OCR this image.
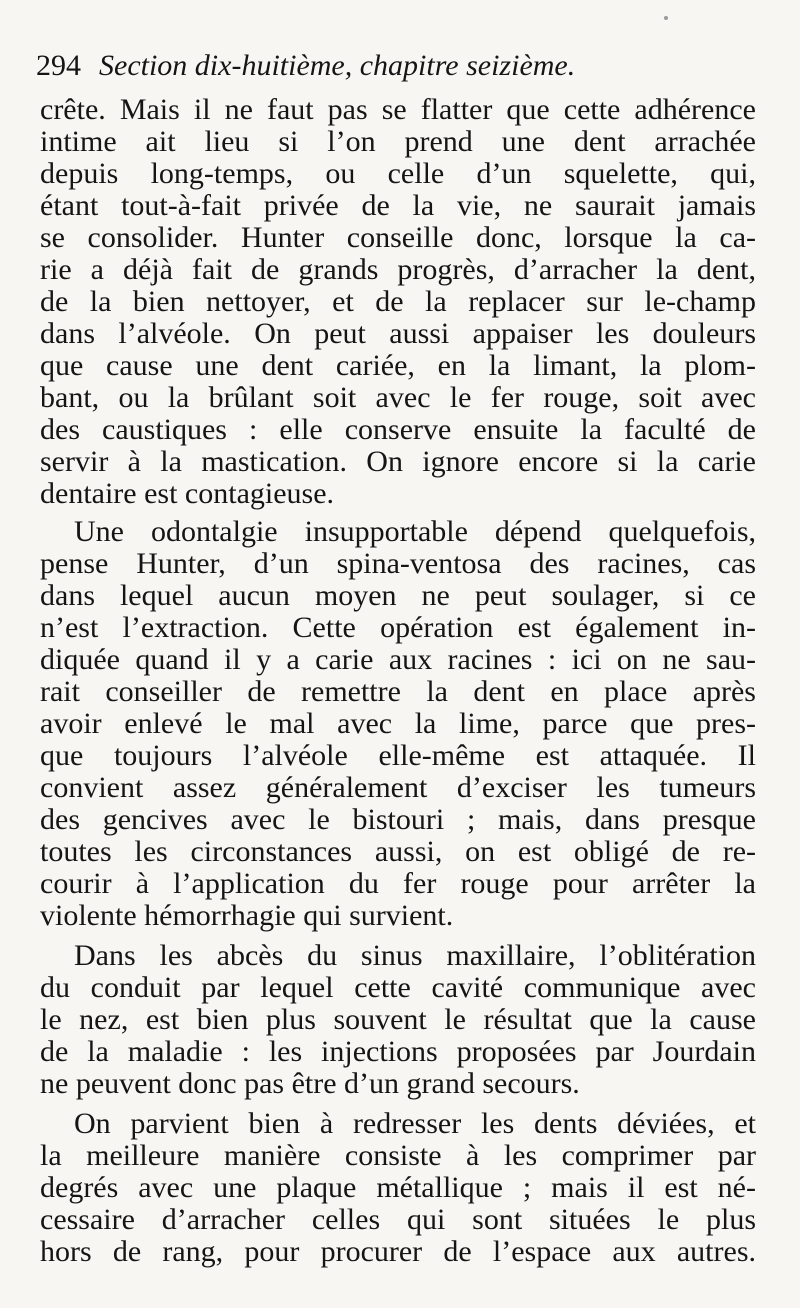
294 Section dix-huitième, chapitre seizième.
crête. Mais il ne faut pas se flatter que cette adhérence
intime ait lieu si l’on prend une dent arrachée
depuis long-temps, ou celle d’un squelette, qui,
étant tout-à-fait privée de la vie, ne saurait jamais
se consolider. Hunter conseille donc, lorsque la ca-
rie a déjà fait de grands progrès, d’arracher la dent,
de la bien nettoyer, et de la replacer sur le-champ
dans l’alvéole. On peut aussi appaiser les douleurs
que cause une dent cariée, en la limant, la plom-
bant, ou la brûlant soit avec le fer rouge, soit avec
des caustiques : elle conserve ensuite la faculté de
servir à la mastication. On ignore encore si la carie
dentaire est contagieuse.
Une odontalgie insupportable dépend quelquefois,
pense Hunter, d’un spina-ventosa des racines, cas
dans lequel aucun moyen ne peut soulager, si ce
n’est l’extraction. Cette opération est également in-
diquée quand il y a carie aux racines : ici on ne sau-
rait conseiller de remettre la dent en place après
avoir enlevé le mal avec la lime, parce que pres-
que toujours l’alvéole elle-même est attaquée. Il
convient assez généralement d’exciser les tumeurs
des gencives avec le bistouri ; mais, dans presque
toutes les circonstances aussi, on est obligé de re-
courir à l’application du fer rouge pour arrêter la
violente hémorrhagie qui survient.
Dans les abcès du sinus maxillaire, l’oblitération
du conduit par lequel cette cavité communique avec
le nez, est bien plus souvent le résultat que la cause
de la maladie : les injections proposées par Jourdain
ne peuvent donc pas être d’un grand secours.
On parvient bien à redresser les dents déviées, et
la meilleure manière consiste à les comprimer par
degrés avec une plaque métallique ; mais il est né-
cessaire d’arracher celles qui sont situées le plus
hors de rang, pour procurer de l’espace aux autres.
